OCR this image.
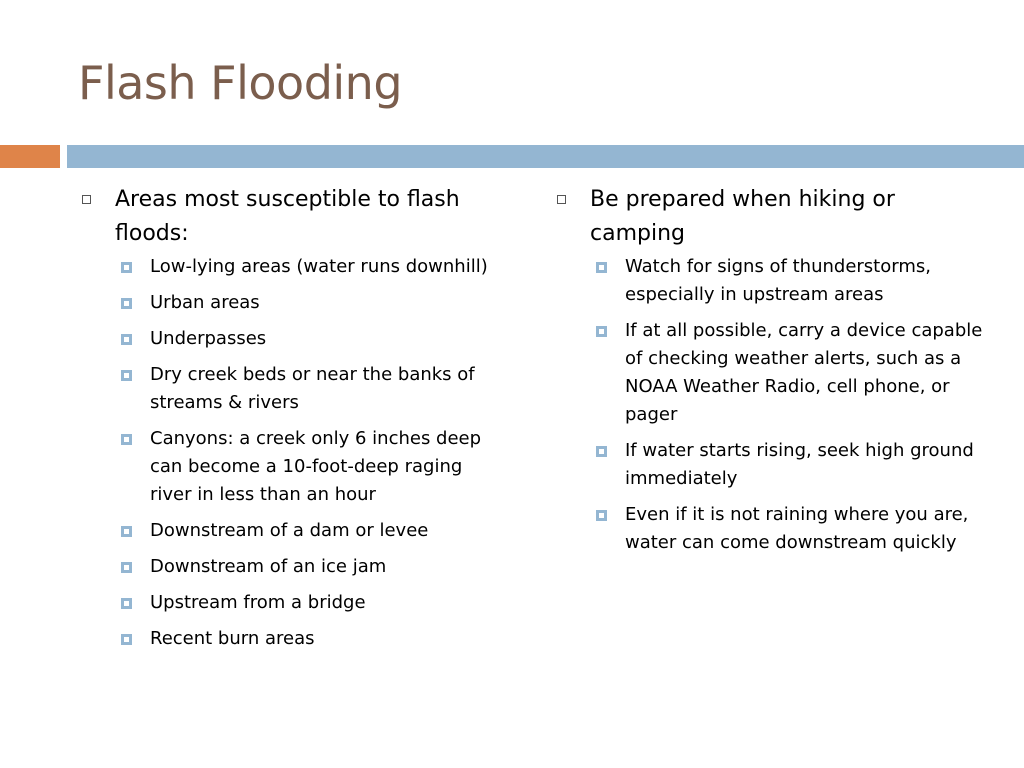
Flash Flooding
Areas most susceptible to flash floods:
Low-lying areas (water runs downhill)
Urban areas
Underpasses
Dry creek beds or near the banks of streams & rivers
Canyons: a creek only 6 inches deep can become a 10-foot-deep raging river in less than an hour
Downstream of a dam or levee
Downstream of an ice jam
Upstream from a bridge
Recent burn areas
Be prepared when hiking or camping
Watch for signs of thunderstorms, especially in upstream areas
If at all possible, carry a device capable of checking weather alerts, such as a NOAA Weather Radio, cell phone, or pager
If water starts rising, seek high ground immediately
Even if it is not raining where you are, water can come downstream quickly
